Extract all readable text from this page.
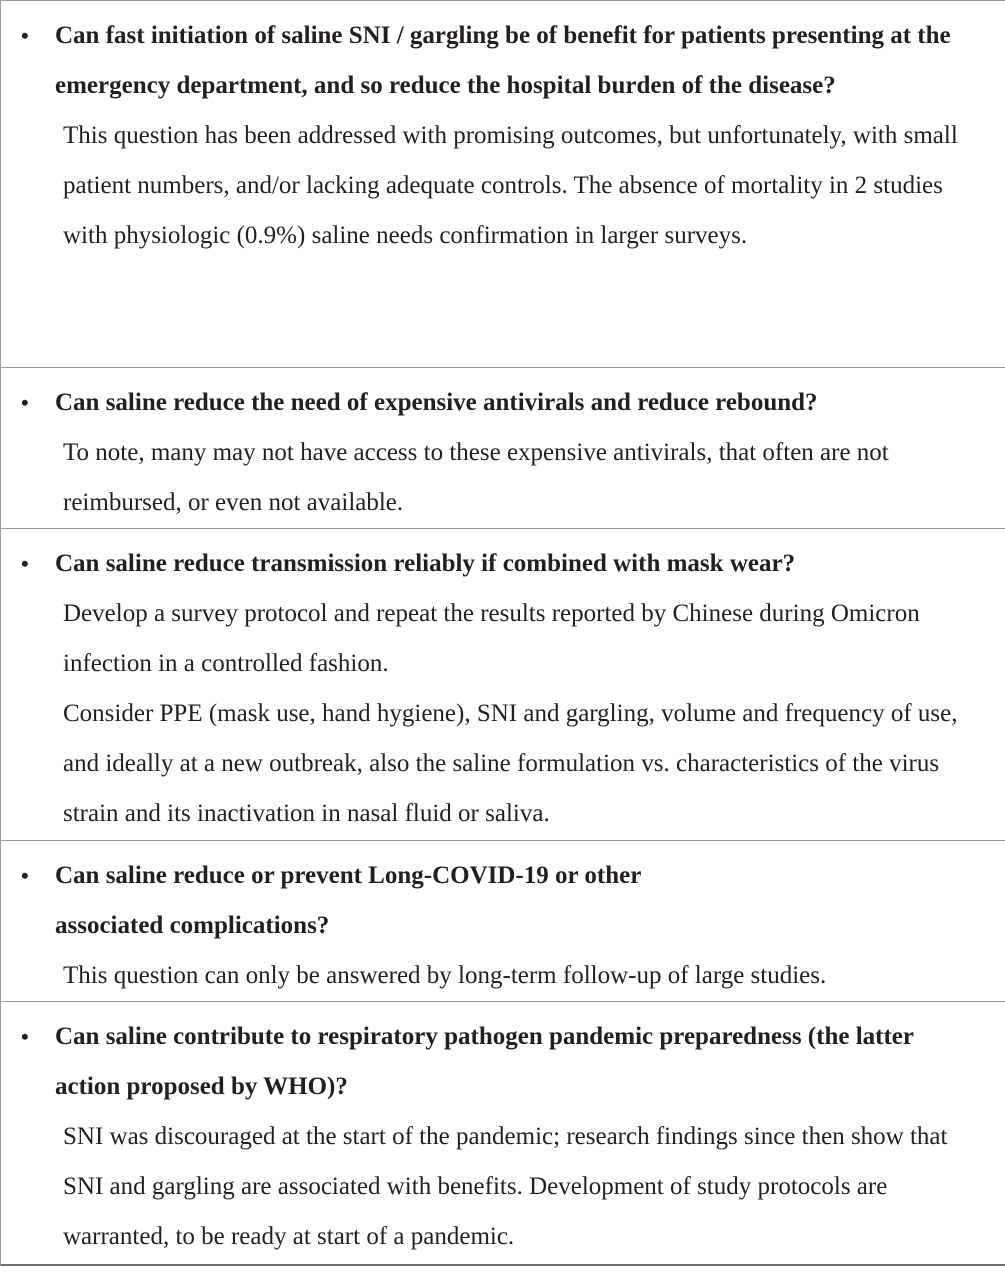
•	Can fast initiation of saline SNI / gargling be of benefit for patients presenting at the emergency department, and so reduce the hospital burden of the disease?
This question has been addressed with promising outcomes, but unfortunately, with small patient numbers, and/or lacking adequate controls. The absence of mortality in 2 studies with physiologic (0.9%) saline needs confirmation in larger surveys.
•	Can saline reduce the need of expensive antivirals and reduce rebound?
To note, many may not have access to these expensive antivirals, that often are not reimbursed, or even not available.
•	Can saline reduce transmission reliably if combined with mask wear?
Develop a survey protocol and repeat the results reported by Chinese during Omicron infection in a controlled fashion.
Consider PPE (mask use, hand hygiene), SNI and gargling, volume and frequency of use, and ideally at a new outbreak, also the saline formulation vs. characteristics of the virus strain and its inactivation in nasal fluid or saliva.
•	Can saline reduce or prevent Long-COVID-19 or other
associated complications?
This question can only be answered by long-term follow-up of large studies.
•	Can saline contribute to respiratory pathogen pandemic preparedness (the latter action proposed by WHO)?
SNI was discouraged at the start of the pandemic; research findings since then show that SNI and gargling are associated with benefits. Development of study protocols are warranted, to be ready at start of a pandemic.
